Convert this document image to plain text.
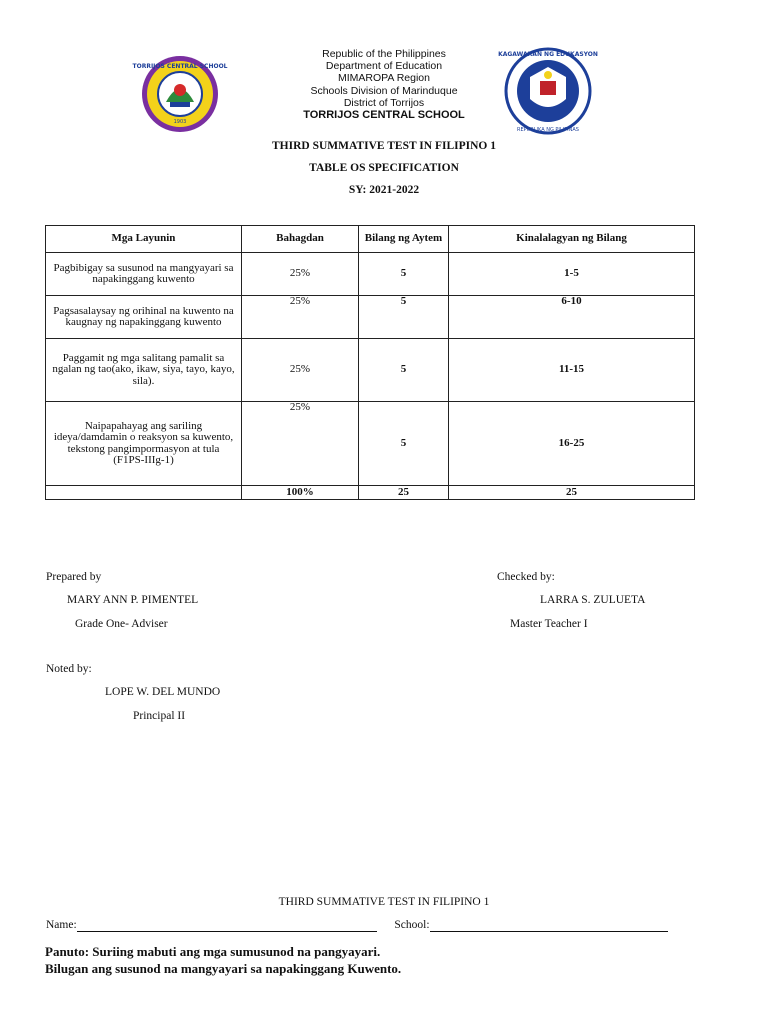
TORRIJOS CENTRAL SCHOOL
1903
Republic of the Philippines
Department of Education
MIMAROPA Region
Schools Division of Marinduque
District of Torrijos
TORRIJOS CENTRAL SCHOOL
KAGAWARAN NG EDUKASYON
REPUBLIKA NG PILIPINAS
THIRD SUMMATIVE TEST IN FILIPINO 1
TABLE OS SPECIFICATION
SY: 2021-2022
Mga Layunin	Bahagdan	Bilang ng Aytem	Kinalalagyan ng Bilang
Pagbibigay sa susunod na mangyayari sa napakinggang kuwento	25%	5	1-5
Pagsasalaysay ng orihinal na kuwento na kaugnay ng napakinggang kuwento	25%	5	6-10
Paggamit ng mga salitang pamalit sa ngalan ng tao(ako, ikaw, siya, tayo, kayo, sila).	25%	5	11-15

Naipapahayag ang sariling ideya/damdamin o reaksyon sa kuwento, tekstong pangimpormasyon at tula
(F1PS-IIIg-1)	25%	5	16-25
	100%	25	25
Prepared by
MARY ANN P. PIMENTEL
Grade One- Adviser
Checked by:
LARRA S. ZULUETA
Master Teacher I
Noted by:
LOPE W. DEL MUNDO
Principal II
THIRD SUMMATIVE TEST IN FILIPINO 1
Name:	School:
Panuto: Suriing mabuti ang mga sumusunod na pangyayari.
Bilugan ang susunod na mangyayari sa napakinggang Kuwento.
